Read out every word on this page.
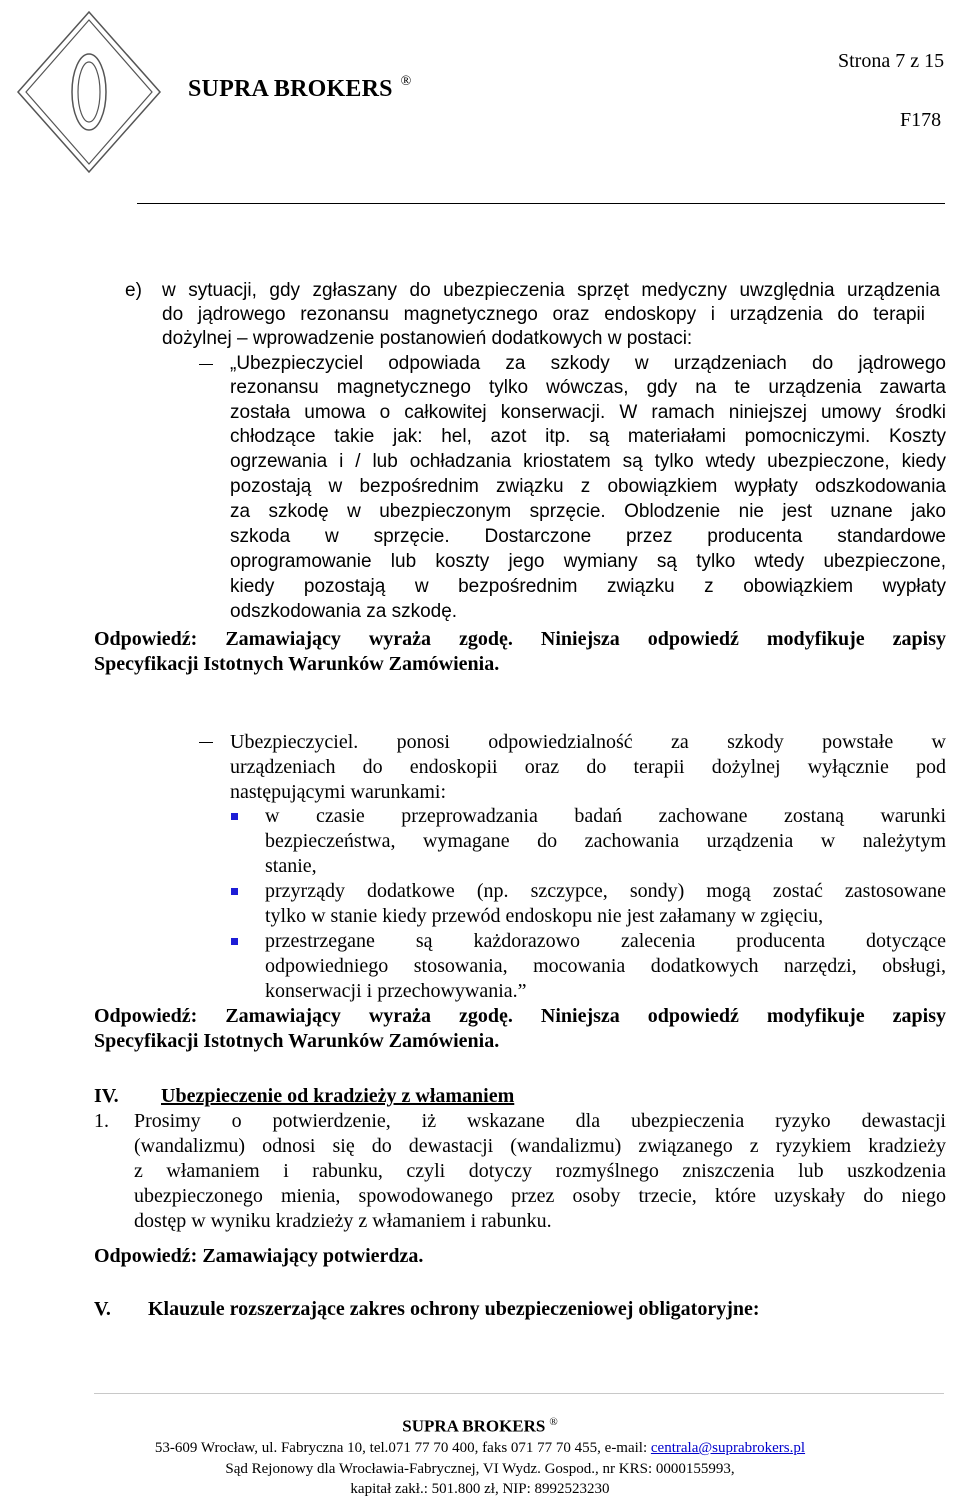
SUPRA BROKERS ®
Strona 7 z 15
F178
e) w sytuacji, gdy zgłaszany do ubezpieczenia sprzęt medyczny uwzględnia urządzenia
do jądrowego rezonansu magnetycznego oraz endoskopy i urządzenia do terapii
dożylnej – wprowadzenie postanowień dodatkowych w postaci:
„Ubezpieczyciel odpowiada za szkody w urządzeniach do jądrowego
rezonansu magnetycznego tylko wówczas, gdy na te urządzenia zawarta
została umowa o całkowitej konserwacji. W ramach niniejszej umowy środki
chłodzące takie jak: hel, azot itp. są materiałami pomocniczymi. Koszty
ogrzewania i / lub ochładzania kriostatem są tylko wtedy ubezpieczone, kiedy
pozostają w bezpośrednim związku z obowiązkiem wypłaty odszkodowania
za szkodę w ubezpieczonym sprzęcie. Oblodzenie nie jest uznane jako
szkoda w sprzęcie. Dostarczone przez producenta standardowe
oprogramowanie lub koszty jego wymiany są tylko wtedy ubezpieczone,
kiedy pozostają w bezpośrednim związku z obowiązkiem wypłaty
odszkodowania za szkodę.
Odpowiedź: Zamawiający wyraża zgodę. Niniejsza odpowiedź modyfikuje zapisy
Specyfikacji Istotnych Warunków Zamówienia.
Ubezpieczyciel. ponosi odpowiedzialność za szkody powstałe w
urządzeniach do endoskopii oraz do terapii dożylnej wyłącznie pod
następującymi warunkami:
w czasie przeprowadzania badań zachowane zostaną warunki
bezpieczeństwa, wymagane do zachowania urządzenia w należytym
stanie,
przyrządy dodatkowe (np. szczypce, sondy) mogą zostać zastosowane
tylko w stanie kiedy przewód endoskopu nie jest załamany w zgięciu,
przestrzegane są każdorazowo zalecenia producenta dotyczące
odpowiedniego stosowania, mocowania dodatkowych narzędzi, obsługi,
konserwacji i przechowywania.”
Odpowiedź: Zamawiający wyraża zgodę. Niniejsza odpowiedź modyfikuje zapisy
Specyfikacji Istotnych Warunków Zamówienia.
IV. Ubezpieczenie od kradzieży z włamaniem
1. Prosimy o potwierdzenie, iż wskazane dla ubezpieczenia ryzyko dewastacji
(wandalizmu) odnosi się do dewastacji (wandalizmu) związanego z ryzykiem kradzieży
z włamaniem i rabunku, czyli dotyczy rozmyślnego zniszczenia lub uszkodzenia
ubezpieczonego mienia, spowodowanego przez osoby trzecie, które uzyskały do niego
dostęp w wyniku kradzieży z włamaniem i rabunku.
Odpowiedź: Zamawiający potwierdza.
V. Klauzule rozszerzające zakres ochrony ubezpieczeniowej obligatoryjne:
SUPRA BROKERS ®
53-609 Wrocław, ul. Fabryczna 10, tel.071 77 70 400, faks 071 77 70 455, e-mail: centrala@suprabrokers.pl
Sąd Rejonowy dla Wrocławia-Fabrycznej, VI Wydz. Gospod., nr KRS: 0000155993,
kapitał zakł.: 501.800 zł, NIP: 8992523230
